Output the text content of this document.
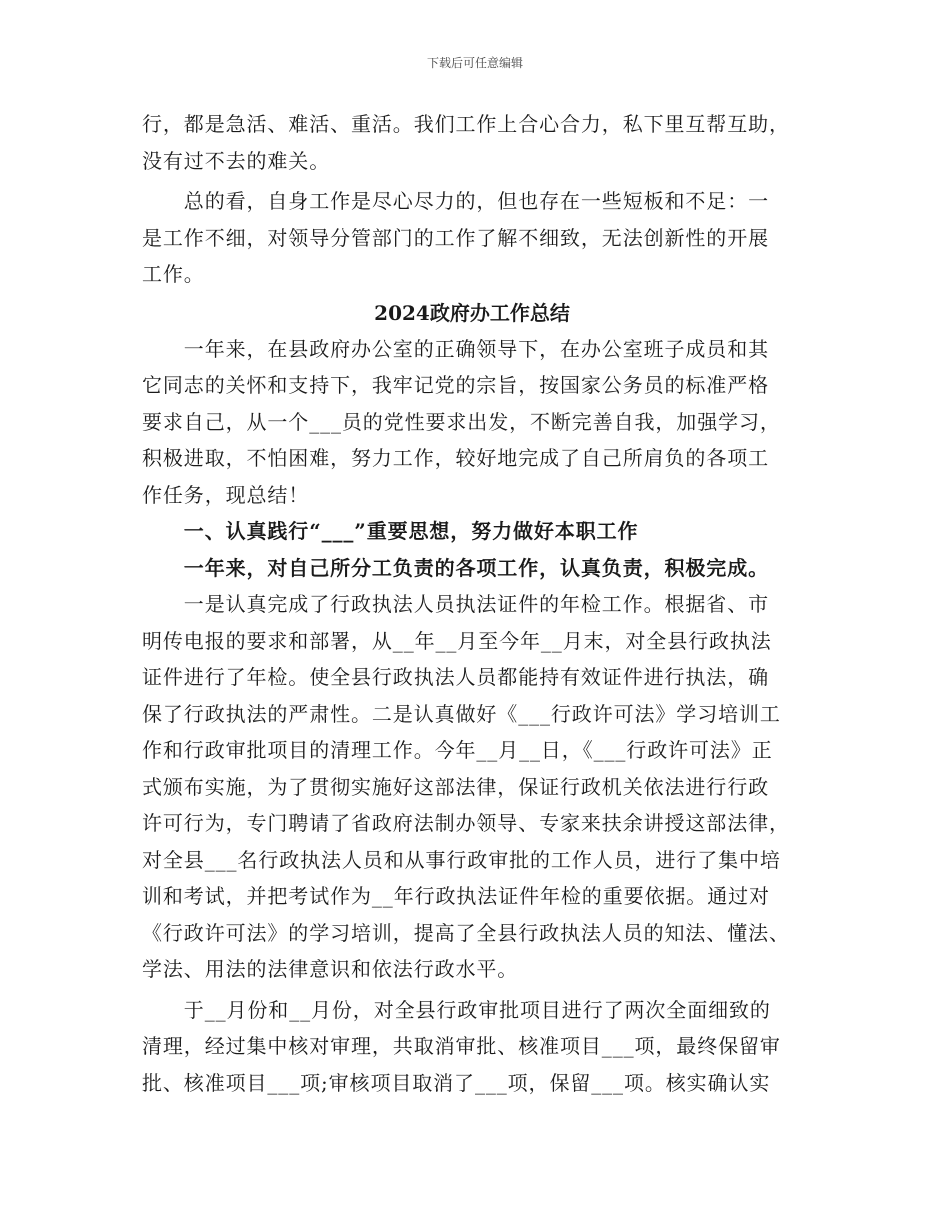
下载后可任意编辑
行，都是急活、难活、重活。我们工作上合心合力，私下里互帮互助，
没有过不去的难关。
　　总的看，自身工作是尽心尽力的，但也存在一些短板和不足：一
是工作不细，对领导分管部门的工作了解不细致，无法创新性的开展
工作。
2024政府办工作总结
　　一年来，在县政府办公室的正确领导下，在办公室班子成员和其
它同志的关怀和支持下，我牢记党的宗旨，按国家公务员的标准严格
要求自己，从一个___员的党性要求出发，不断完善自我，加强学习，
积极进取，不怕困难，努力工作，较好地完成了自己所肩负的各项工
作任务，现总结！
　　一、认真践行“___”重要思想，努力做好本职工作
　　一年来，对自己所分工负责的各项工作，认真负责，积极完成。
　　一是认真完成了行政执法人员执法证件的年检工作。根据省、市
明传电报的要求和部署，从__年__月至今年__月末，对全县行政执法
证件进行了年检。使全县行政执法人员都能持有效证件进行执法，确
保了行政执法的严肃性。二是认真做好《___行政许可法》学习培训工
作和行政审批项目的清理工作。今年__月__日，《___行政许可法》正
式颁布实施，为了贯彻实施好这部法律，保证行政机关依法进行行政
许可行为，专门聘请了省政府法制办领导、专家来扶余讲授这部法律，
对全县___名行政执法人员和从事行政审批的工作人员，进行了集中培
训和考试，并把考试作为__年行政执法证件年检的重要依据。通过对
《行政许可法》的学习培训，提高了全县行政执法人员的知法、懂法、
学法、用法的法律意识和依法行政水平。
　　于__月份和__月份，对全县行政审批项目进行了两次全面细致的
清理，经过集中核对审理，共取消审批、核准项目___项，最终保留审
批、核准项目___项;审核项目取消了___项，保留___项。核实确认实
